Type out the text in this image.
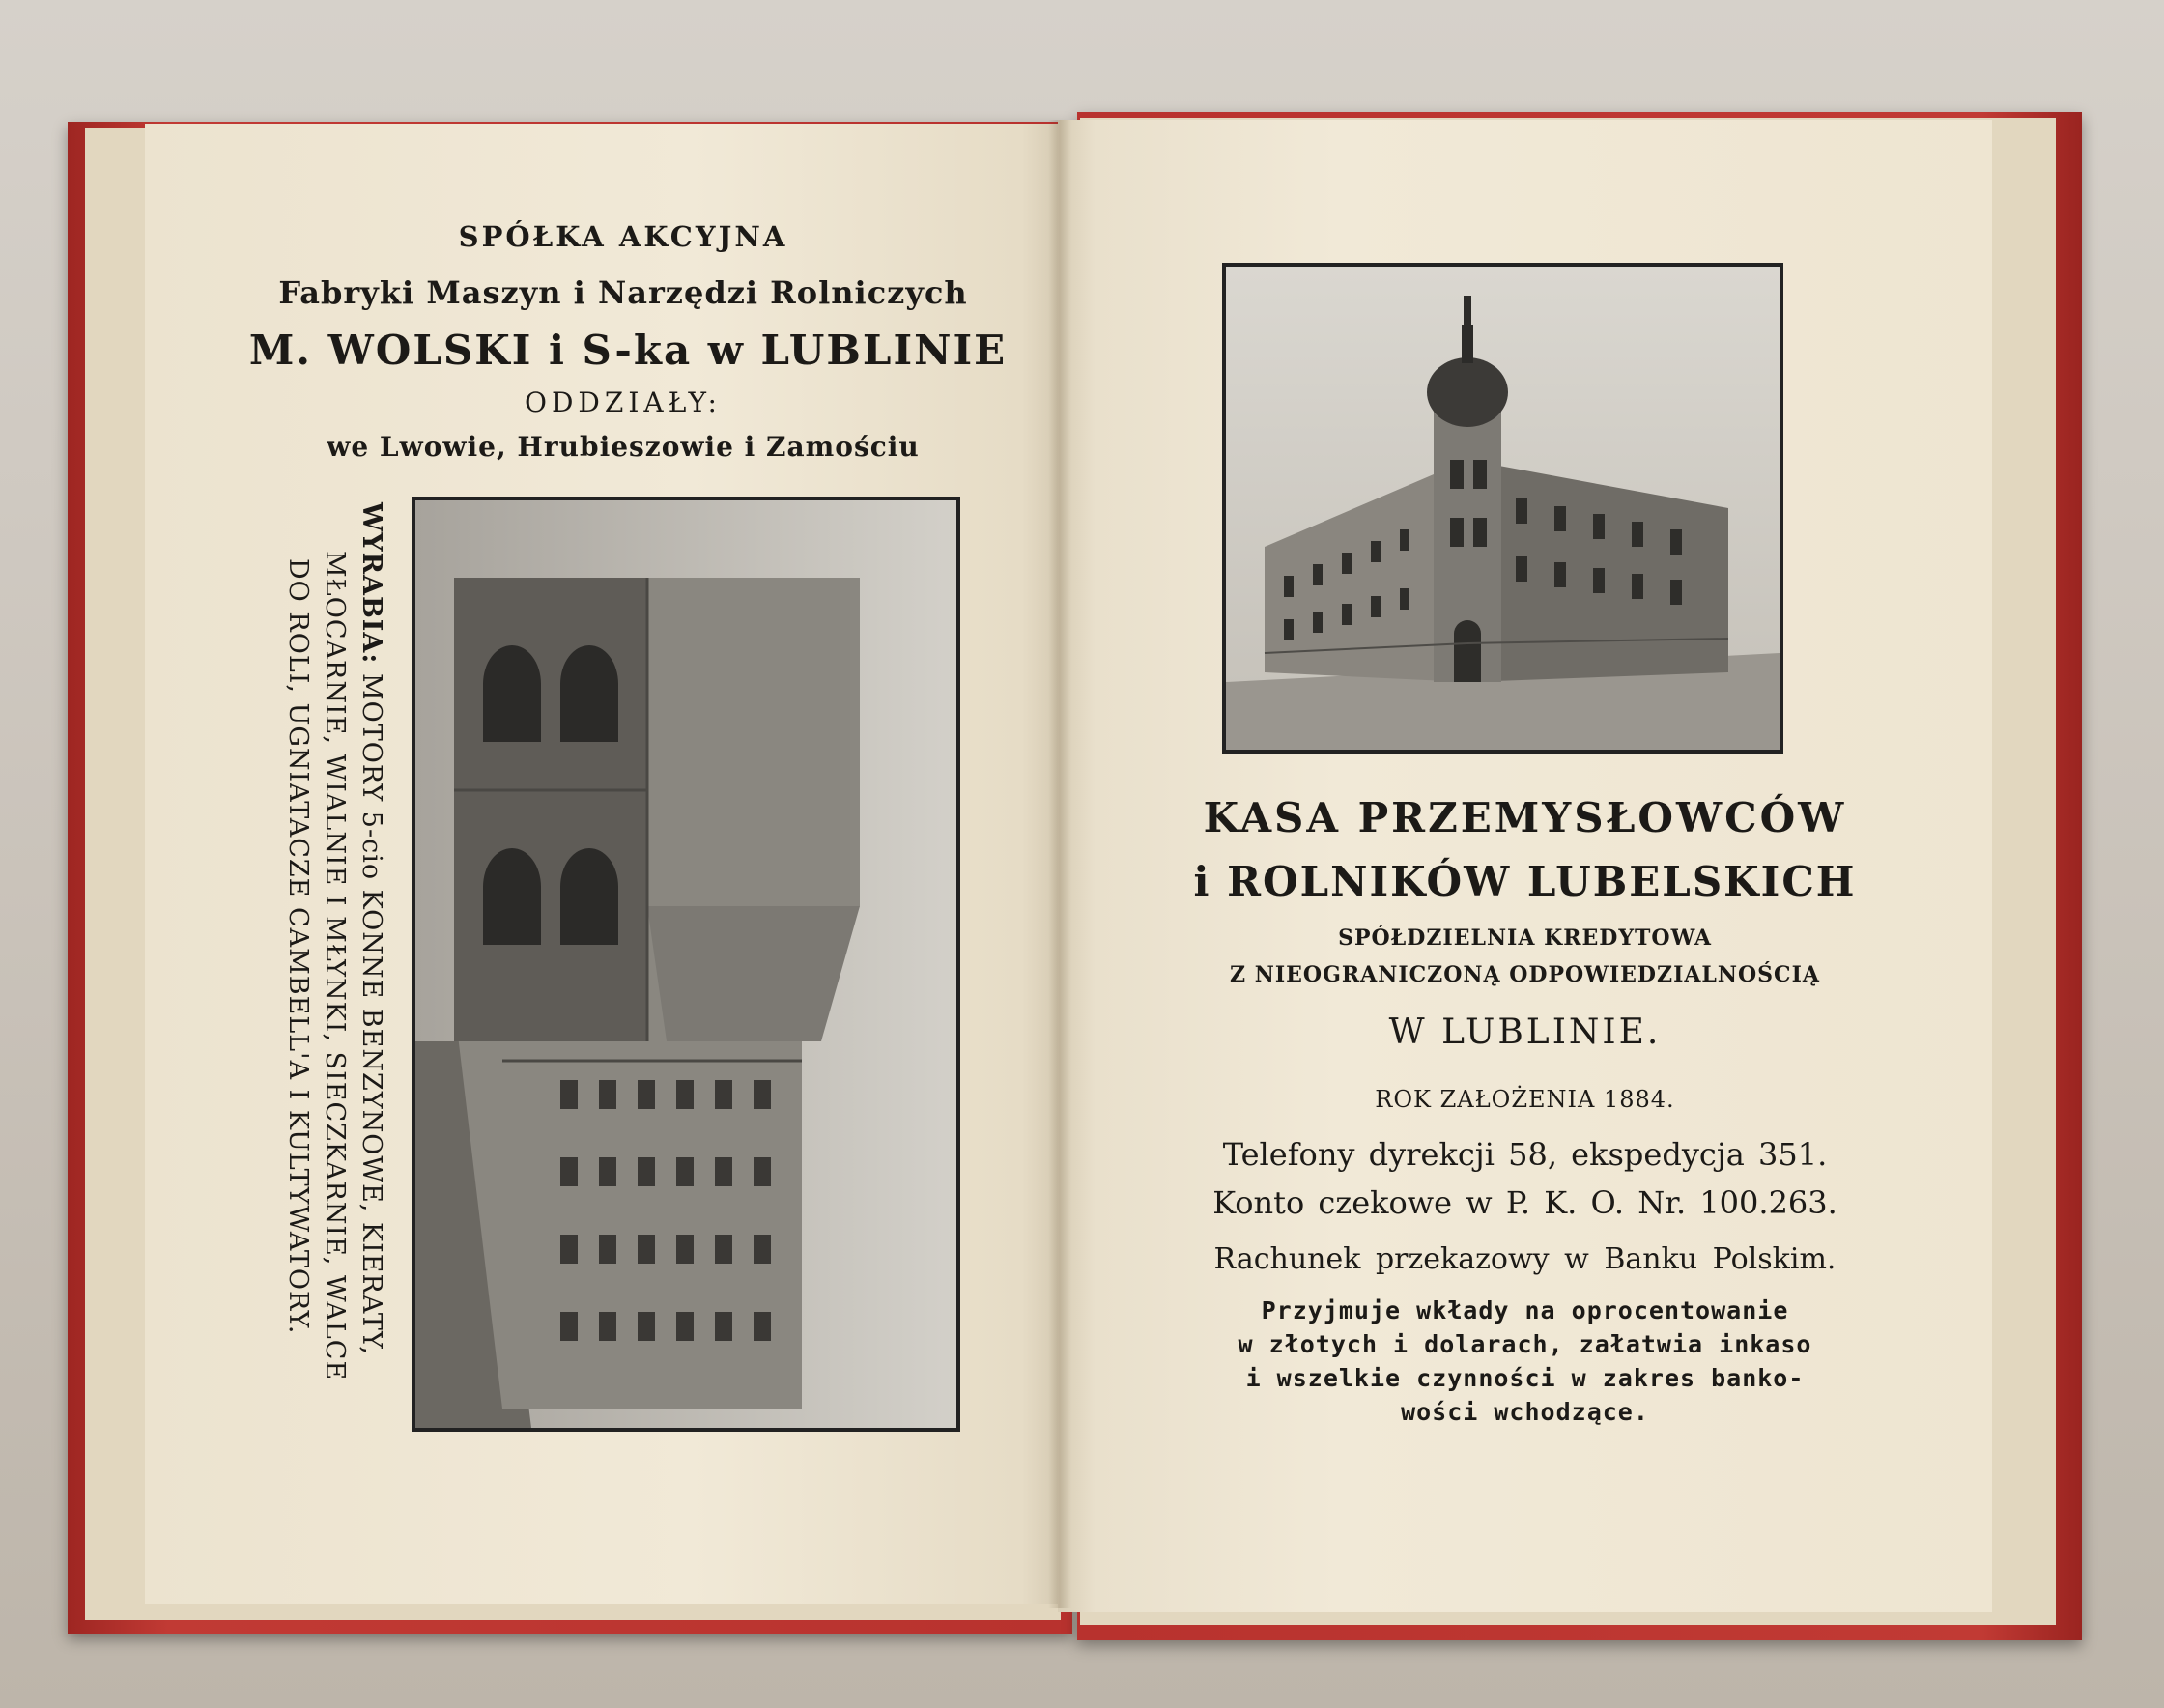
SPÓŁKA AKCYJNA
Fabryki Maszyn i Narzędzi Rolniczych
M. WOLSKI i S-ka w LUBLINIE
ODDZIAŁY:
we Lwowie, Hrubieszowie i Zamościu
WYRABIA: MOTORY 5-cio KONNE BENZYNOWE, KIERATY,
MŁOCARNIE, WIALNIE I MŁYNKI, SIECZKARNIE, WALCE
DO ROLI, UGNIATACZE CAMBELL'A I KULTYWATORY.	KASA PRZEMYSŁOWCÓW
i ROLNIKÓW LUBELSKICH
SPÓŁDZIELNIA KREDYTOWA
Z NIEOGRANICZONĄ ODPOWIEDZIALNOŚCIĄ
W LUBLINIE.
ROK ZAŁOŻENIA 1884.
Telefony dyrekcji 58, ekspedycja 351.
Konto czekowe w P. K. O. Nr. 100.263.
Rachunek przekazowy w Banku Polskim.
Przyjmuje wkłady na oprocentowanie
w złotych i dolarach, załatwia inkaso
i wszelkie czynności w zakres banko-
wości wchodzące.
